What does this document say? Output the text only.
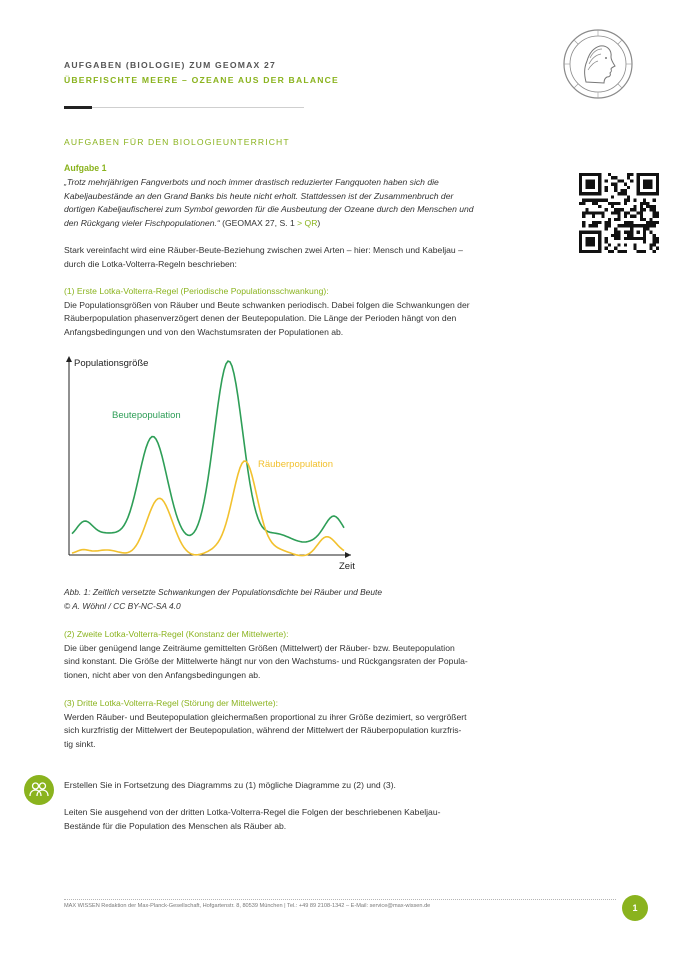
AUFGABEN (BIOLOGIE) ZUM GEOMAX 27
ÜBERFISCHTE MEERE – OZEANE AUS DER BALANCE
AUFGABEN FÜR DEN BIOLOGIEUNTERRICHT
Aufgabe 1

„Trotz mehrjährigen Fangverbots und noch immer drastisch reduzierter Fangquoten haben sich die

Kabeljaubestände an den Grand Banks bis heute nicht erholt. Stattdessen ist der Zusammenbruch der

dortigen Kabeljaufischerei zum Symbol geworden für die Ausbeutung der Ozeane durch den Menschen und

den Rückgang vieler Fischpopulationen.“ (GEOMAX 27, S. 1 > QR)

Stark vereinfacht wird eine Räuber-Beute-Beziehung zwischen zwei Arten – hier: Mensch und Kabeljau –

durch die Lotka-Volterra-Regeln beschrieben:

(1) Erste Lotka-Volterra-Regel (Periodische Populationsschwankung):

Die Populationsgrößen von Räuber und Beute schwanken periodisch. Dabei folgen die Schwankungen der

Räuberpopulation phasenverzögert denen der Beutepopulation. Die Länge der Perioden hängt von den

Anfangsbedingungen und von den Wachstumsraten der Populationen ab.

Populationsgröße
Zeit
Beutepopulation
Räuberpopulation
Abb. 1: Zeitlich versetzte Schwankungen der Populationsdichte bei Räuber und Beute
© A. Wöhnl / CC BY-NC-SA 4.0

(2) Zweite Lotka-Volterra-Regel (Konstanz der Mittelwerte):

Die über genügend lange Zeiträume gemittelten Größen (Mittelwert) der Räuber- bzw. Beutepopulation

sind konstant. Die Größe der Mittelwerte hängt nur von den Wachstums- und Rückgangsraten der Popula-

tionen, nicht aber von den Anfangsbedingungen ab.

(3) Dritte Lotka-Volterra-Regel (Störung der Mittelwerte):

Werden Räuber- und Beutepopulation gleichermaßen proportional zu ihrer Größe dezimiert, so vergrößert

sich kurzfristig der Mittelwert der Beutepopulation, während der Mittelwert der Räuberpopulation kurzfris-

tig sinkt.

Erstellen Sie in Fortsetzung des Diagramms zu (1) mögliche Diagramme zu (2) und (3).

Leiten Sie ausgehend von der dritten Lotka-Volterra-Regel die Folgen der beschriebenen Kabeljau-

Bestände für die Population des Menschen als Räuber ab.

MAX WISSEN Redaktion der Max-Planck-Gesellschaft, Hofgartenstr. 8, 80539 München | Tel.: +49 89 2108-1342 – E-Mail: service@max-wissen.de	1
